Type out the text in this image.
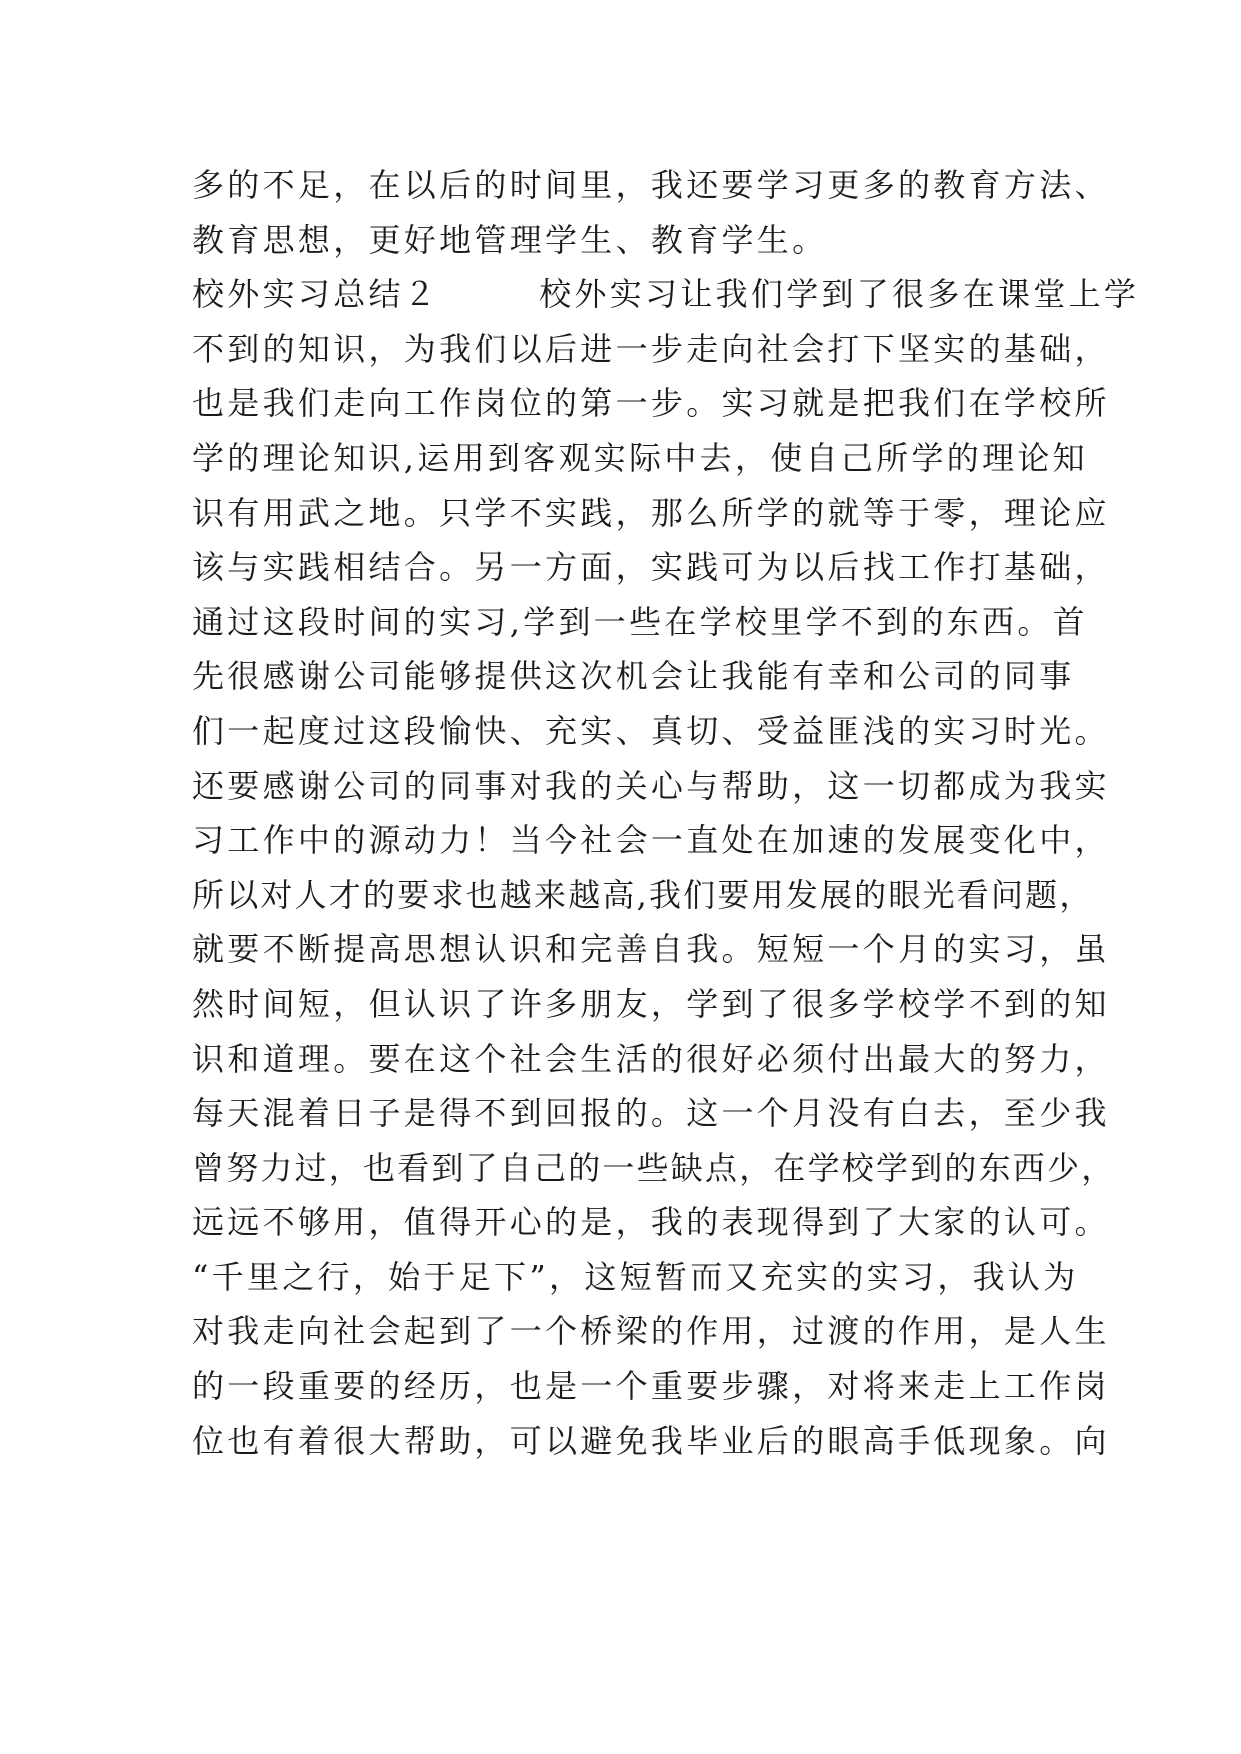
多的不足，在以后的时间里，我还要学习更多的教育方法、
教育思想，更好地管理学生、教育学生。
校外实习总结２	校外实习让我们学到了很多在课堂上学
不到的知识，为我们以后进一步走向社会打下坚实的基础，
也是我们走向工作岗位的第一步。实习就是把我们在学校所
学的理论知识,运用到客观实际中去，使自己所学的理论知
识有用武之地。只学不实践，那么所学的就等于零，理论应
该与实践相结合。另一方面，实践可为以后找工作打基础，
通过这段时间的实习,学到一些在学校里学不到的东西。首
先很感谢公司能够提供这次机会让我能有幸和公司的同事
们一起度过这段愉快、充实、真切、受益匪浅的实习时光。
还要感谢公司的同事对我的关心与帮助，这一切都成为我实
习工作中的源动力！当今社会一直处在加速的发展变化中，
所以对人才的要求也越来越高,我们要用发展的眼光看问题，
就要不断提高思想认识和完善自我。短短一个月的实习，虽
然时间短，但认识了许多朋友，学到了很多学校学不到的知
识和道理。要在这个社会生活的很好必须付出最大的努力，
每天混着日子是得不到回报的。这一个月没有白去，至少我
曾努力过，也看到了自己的一些缺点，在学校学到的东西少，
远远不够用，值得开心的是，我的表现得到了大家的认可。
“千里之行，始于足下”，这短暂而又充实的实习，我认为
对我走向社会起到了一个桥梁的作用，过渡的作用，是人生
的一段重要的经历，也是一个重要步骤，对将来走上工作岗
位也有着很大帮助，可以避免我毕业后的眼高手低现象。向
